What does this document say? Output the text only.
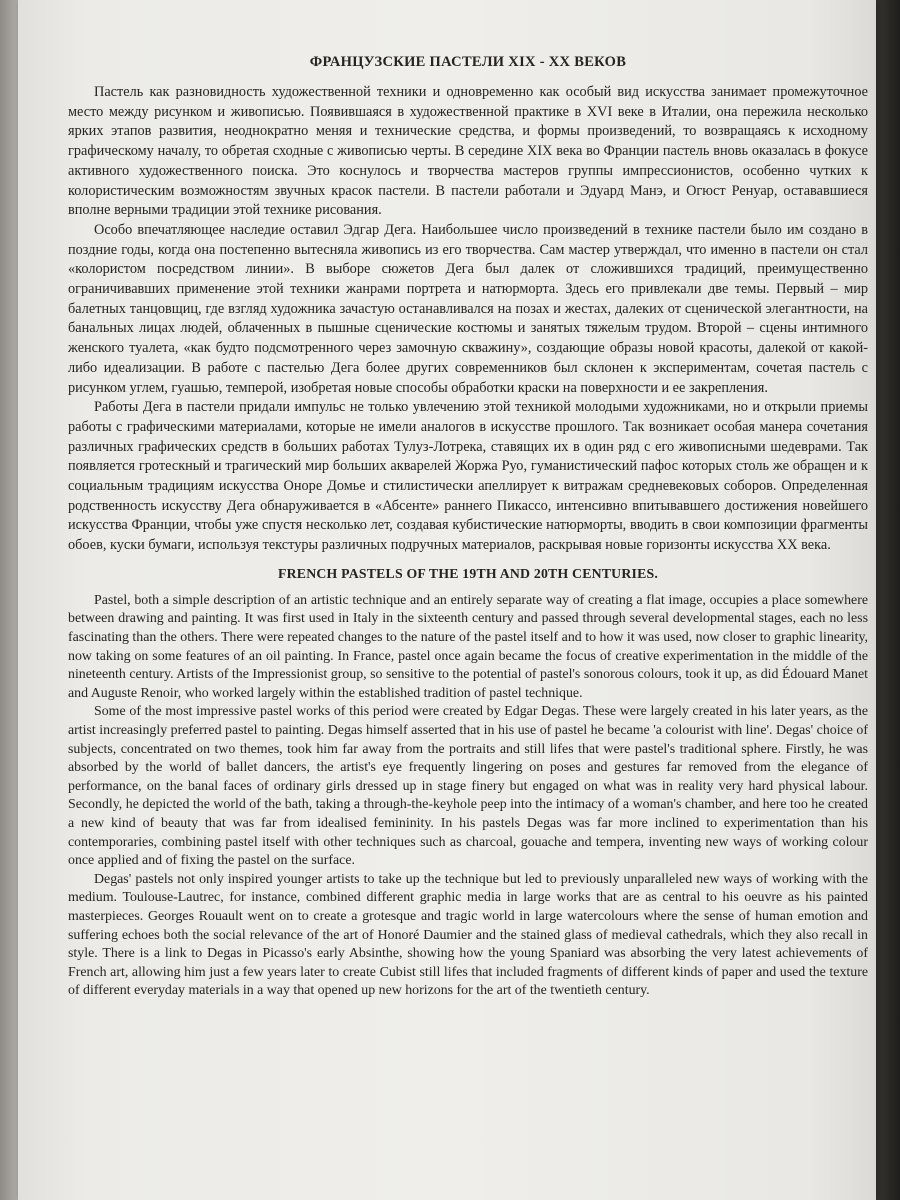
ФРАНЦУЗСКИЕ ПАСТЕЛИ XIX - XX ВЕКОВ

Пастель как разновидность художественной техники и одновременно как особый вид искусства занимает промежуточное место между рисунком и живописью. Появившаяся в художественной практике в XVI веке в Италии, она пережила несколько ярких этапов развития, неоднократно меняя и технические средства, и формы произведений, то возвращаясь к исходному графическому началу, то обретая сходные с живописью черты. В середине XIX века во Франции пастель вновь оказалась в фокусе активного художественного поиска. Это коснулось и творчества мастеров группы импрессионистов, особенно чутких к колористическим возможностям звучных красок пастели. В пастели работали и Эдуард Манэ, и Огюст Ренуар, остававшиеся вполне верными традиции этой технике рисования.

Особо впечатляющее наследие оставил Эдгар Дега. Наибольшее число произведений в технике пастели было им создано в поздние годы, когда она постепенно вытесняла живопись из его творчества. Сам мастер утверждал, что именно в пастели он стал «колористом посредством линии». В выборе сюжетов Дега был далек от сложившихся традиций, преимущественно ограничивавших применение этой техники жанрами портрета и натюрморта. Здесь его привлекали две темы. Первый – мир балетных танцовщиц, где взгляд художника зачастую останавливался на позах и жестах, далеких от сценической элегантности, на банальных лицах людей, облаченных в пышные сценические костюмы и занятых тяжелым трудом. Второй – сцены интимного женского туалета, «как будто подсмотренного через замочную скважину», создающие образы новой красоты, далекой от какой-либо идеализации. В работе с пастелью Дега более других современников был склонен к экспериментам, сочетая пастель с рисунком углем, гуашью, темперой, изобретая новые способы обработки краски на поверхности и ее закрепления.

Работы Дега в пастели придали импульс не только увлечению этой техникой молодыми художниками, но и открыли приемы работы с графическими материалами, которые не имели аналогов в искусстве прошлого. Так возникает особая манера сочетания различных графических средств в больших работах Тулуз-Лотрека, ставящих их в один ряд с его живописными шедеврами. Так появляется гротескный и трагический мир больших акварелей Жоржа Руо, гуманистический пафос которых столь же обращен и к социальным традициям искусства Оноре Домье и стилистически апеллирует к витражам средневековых соборов. Определенная родственность искусству Дега обнаруживается в «Абсенте» раннего Пикассо, интенсивно впитывавшего достижения новейшего искусства Франции, чтобы уже спустя несколько лет, создавая кубистические натюрморты, вводить в свои композиции фрагменты обоев, куски бумаги, используя текстуры различных подручных материалов, раскрывая новые горизонты искусства XX века.

FRENCH PASTELS OF THE 19TH AND 20TH CENTURIES.

Pastel, both a simple description of an artistic technique and an entirely separate way of creating a flat image, occupies a place somewhere between drawing and painting. It was first used in Italy in the sixteenth century and passed through several developmental stages, each no less fascinating than the others. There were repeated changes to the nature of the pastel itself and to how it was used, now closer to graphic linearity, now taking on some features of an oil painting. In France, pastel once again became the focus of creative experimentation in the middle of the nineteenth century. Artists of the Impressionist group, so sensitive to the potential of pastel's sonorous colours, took it up, as did Édouard Manet and Auguste Renoir, who worked largely within the established tradition of pastel technique.

Some of the most impressive pastel works of this period were created by Edgar Degas. These were largely created in his later years, as the artist increasingly preferred pastel to painting. Degas himself asserted that in his use of pastel he became 'a colourist with line'. Degas' choice of subjects, concentrated on two themes, took him far away from the portraits and still lifes that were pastel's traditional sphere. Firstly, he was absorbed by the world of ballet dancers, the artist's eye frequently lingering on poses and gestures far removed from the elegance of performance, on the banal faces of ordinary girls dressed up in stage finery but engaged on what was in reality very hard physical labour. Secondly, he depicted the world of the bath, taking a through-the-keyhole peep into the intimacy of a woman's chamber, and here too he created a new kind of beauty that was far from idealised femininity. In his pastels Degas was far more inclined to experimentation than his contemporaries, combining pastel itself with other techniques such as charcoal, gouache and tempera, inventing new ways of working colour once applied and of fixing the pastel on the surface.

Degas' pastels not only inspired younger artists to take up the technique but led to previously unparalleled new ways of working with the medium. Toulouse-Lautrec, for instance, combined different graphic media in large works that are as central to his oeuvre as his painted masterpieces. Georges Rouault went on to create a grotesque and tragic world in large watercolours where the sense of human emotion and suffering echoes both the social relevance of the art of Honoré Daumier and the stained glass of medieval cathedrals, which they also recall in style. There is a link to Degas in Picasso's early Absinthe, showing how the young Spaniard was absorbing the very latest achievements of French art, allowing him just a few years later to create Cubist still lifes that included fragments of different kinds of paper and used the texture of different everyday materials in a way that opened up new horizons for the art of the twentieth century.
